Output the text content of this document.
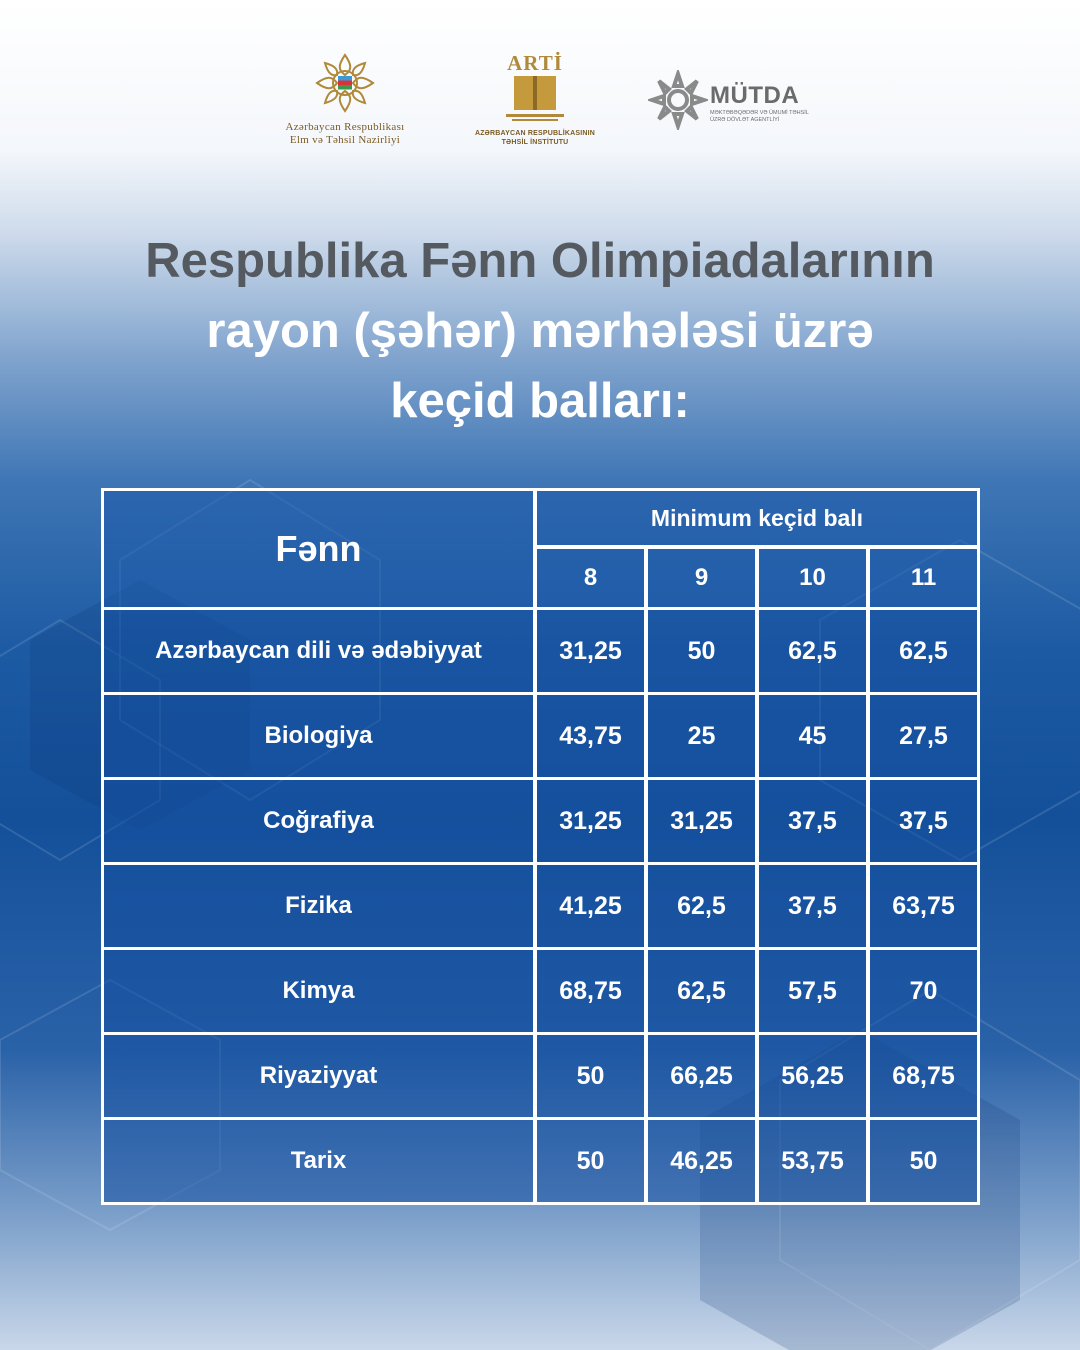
Azərbaycan Respublikası
Elm və Təhsil Nazirliyi
ARTİ
AZƏRBAYCAN RESPUBLİKASININ
TƏHSİL İNSTİTUTU
MÜTDA
MƏKTƏBƏQƏDƏR VƏ ÜMUMİ TƏHSİL
ÜZRƏ DÖVLƏT AGENTLİYİ
Respublika Fənn Olimpiadalarının
rayon (şəhər) mərhələsi üzrə
keçid balları:
Fənn
Minimum keçid balı
8	9	10	11
Azərbaycan dili və ədəbiyyat	31,25	50	62,5	62,5
Biologiya	43,75	25	45	27,5
Coğrafiya	31,25	31,25	37,5	37,5
Fizika	41,25	62,5	37,5	63,75
Kimya	68,75	62,5	57,5	70
Riyaziyyat	50	66,25	56,25	68,75
Tarix	50	46,25	53,75	50
